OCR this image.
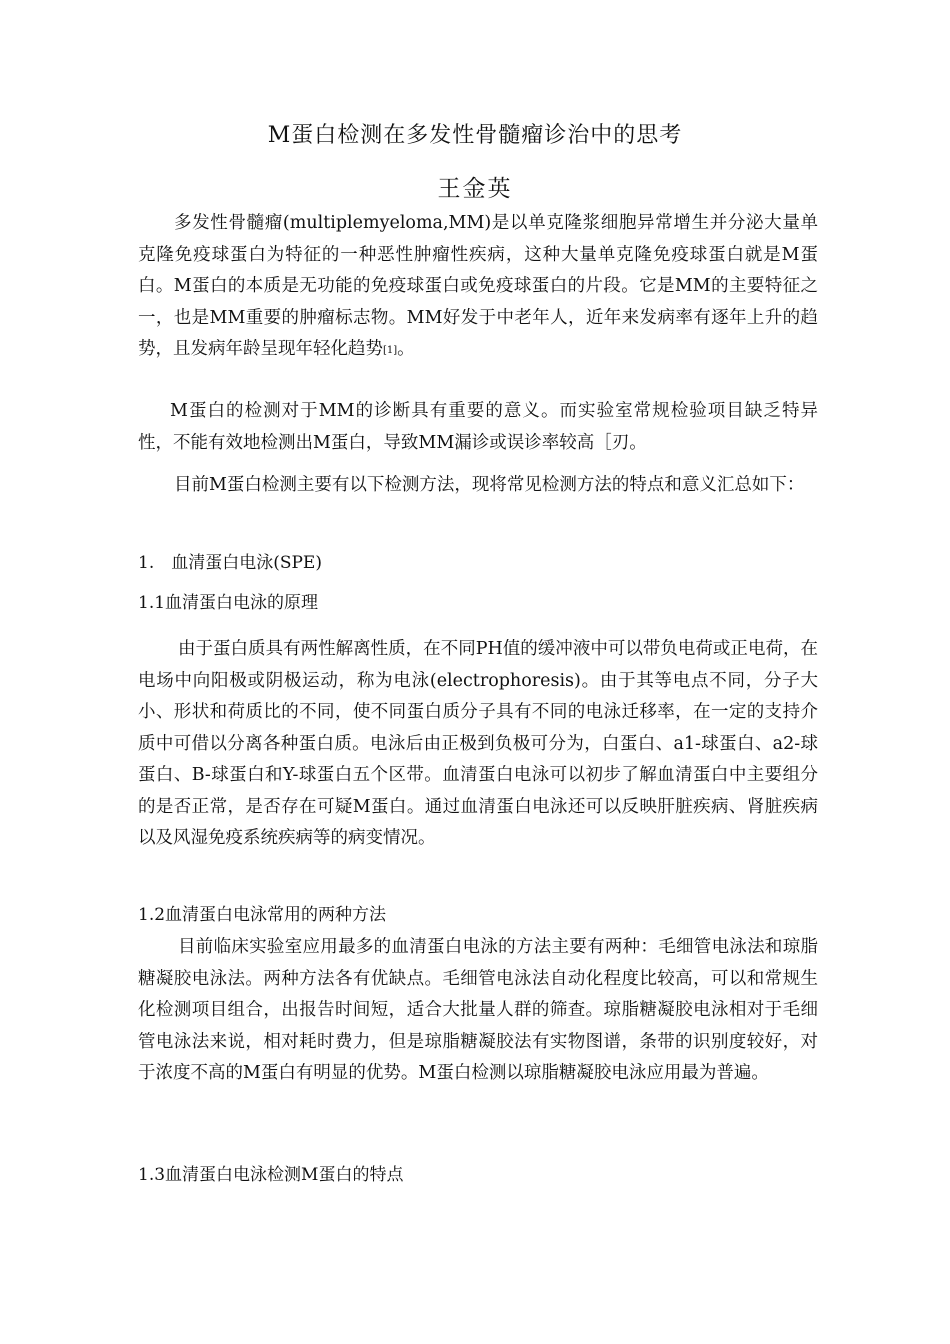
M蛋白检测在多发性骨髓瘤诊治中的思考
王金英

多发性骨髓瘤(multiplemyeloma,MM)是以单克隆浆细胞异常增生并分泌大量单克隆免疫球蛋白为特征的一种恶性肿瘤性疾病，这种大量单克隆免疫球蛋白就是M蛋白。M蛋白的本质是无功能的免疫球蛋白或免疫球蛋白的片段。它是MM的主要特征之一，也是MM重要的肿瘤标志物。MM好发于中老年人，近年来发病率有逐年上升的趋势，且发病年龄呈现年轻化趋势[1]。

M蛋白的检测对于MM的诊断具有重要的意义。而实验室常规检验项目缺乏特异性，不能有效地检测出M蛋白，导致MM漏诊或误诊率较高［刃。

目前M蛋白检测主要有以下检测方法，现将常见检测方法的特点和意义汇总如下：

1.　血清蛋白电泳(SPE)

1.1血清蛋白电泳的原理

由于蛋白质具有两性解离性质，在不同PH值的缓冲液中可以带负电荷或正电荷，在电场中向阳极或阴极运动，称为电泳(electrophoresis)。由于其等电点不同，分子大小、形状和荷质比的不同，使不同蛋白质分子具有不同的电泳迁移率，在一定的支持介质中可借以分离各种蛋白质。电泳后由正极到负极可分为，白蛋白、a1-球蛋白、a2-球蛋白、B-球蛋白和Y-球蛋白五个区带。血清蛋白电泳可以初步了解血清蛋白中主要组分的是否正常，是否存在可疑M蛋白。通过血清蛋白电泳还可以反映肝脏疾病、肾脏疾病以及风湿免疫系统疾病等的病变情况。

1.2血清蛋白电泳常用的两种方法

目前临床实验室应用最多的血清蛋白电泳的方法主要有两种：毛细管电泳法和琼脂糖凝胶电泳法。两种方法各有优缺点。毛细管电泳法自动化程度比较高，可以和常规生化检测项目组合，出报告时间短，适合大批量人群的筛查。琼脂糖凝胶电泳相对于毛细管电泳法来说，相对耗时费力，但是琼脂糖凝胶法有实物图谱，条带的识别度较好，对于浓度不高的M蛋白有明显的优势。M蛋白检测以琼脂糖凝胶电泳应用最为普遍。

1.3血清蛋白电泳检测M蛋白的特点
